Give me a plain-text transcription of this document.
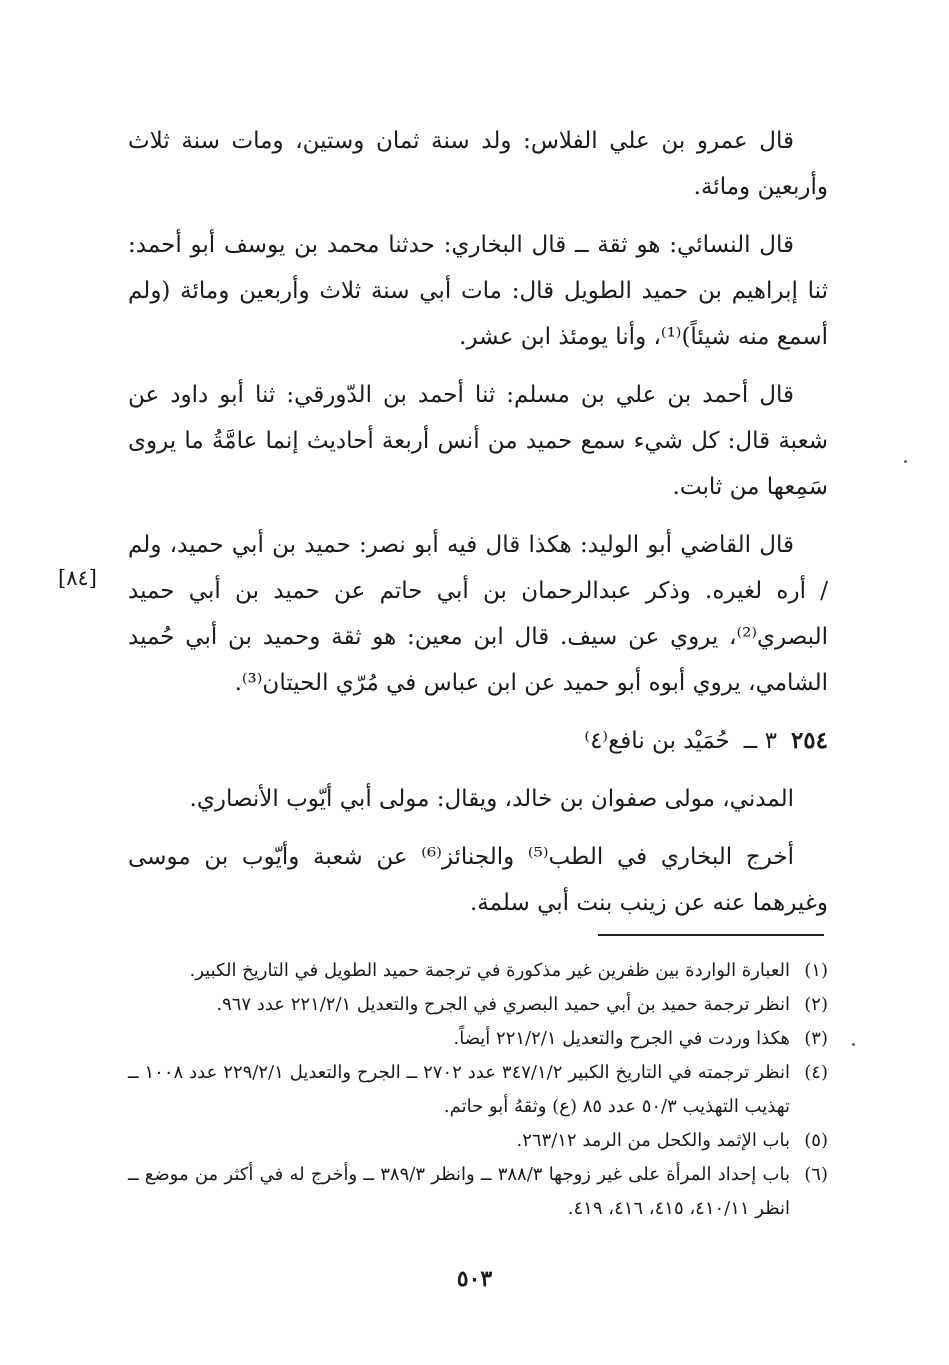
قال عمرو بن علي الفلاس: ولد سنة ثمان وستين، ومات سنة ثلاث وأربعين ومائة.

قال النسائي: هو ثقة ــ قال البخاري: حدثنا محمد بن يوسف أبو أحمد: ثنا إبراهيم بن حميد الطويل قال: مات أبي سنة ثلاث وأربعين ومائة (ولم أسمع منه شيئاً)⁽¹⁾، وأنا يومئذ ابن عشر.

قال أحمد بن علي بن مسلم: ثنا أحمد بن الدّورقي: ثنا أبو داود عن شعبة قال: كل شيء سمع حميد من أنس أربعة أحاديث إنما عامَّةُ ما يروى سَمِعها من ثابت.

قال القاضي أبو الوليد: هكذا قال فيه أبو نصر: حميد بن أبي حميد، ولم / أره لغيره. وذكر عبدالرحمان بن أبي حاتم عن حميد بن أبي حميد البصري⁽²⁾، يروي عن سيف. قال ابن معين: هو ثقة وحميد بن أبي حُميد الشامي، يروي أبوه أبو حميد عن ابن عباس في مُرّي الحيتان⁽³⁾.

٢٥٤
٣ ــ
حُمَيْد بن نافع⁽٤⁾

المدني، مولى صفوان بن خالد، ويقال: مولى أبي أيّوب الأنصاري.

أخرج البخاري في الطب⁽⁵⁾ والجنائز⁽⁶⁾ عن شعبة وأيّوب بن موسى وغيرهما عنه عن زينب بنت أبي سلمة.

[٨٤]
(١)
العبارة الواردة بين ظفرين غير مذكورة في ترجمة حميد الطويل في التاريخ الكبير.
(٢)
انظر ترجمة حميد بن أبي حميد البصري في الجرح والتعديل ٢٢١/٢/١ عدد ٩٦٧.
(٣)
هكذا وردت في الجرح والتعديل ٢٢١/٢/١ أيضاً.
(٤)
انظر ترجمته في التاريخ الكبير ٣٤٧/١/٢ عدد ٢٧٠٢ ــ الجرح والتعديل ٢٢٩/٢/١ عدد ١٠٠٨ ــ تهذيب التهذيب ٥٠/٣ عدد ٨٥ (ع) وثقهُ أبو حاتم.
(٥)
باب الإثمد والكحل من الرمد ٢٦٣/١٢.
(٦)
باب إحداد المرأة على غير زوجها ٣٨٨/٣ ــ وانظر ٣٨٩/٣ ــ وأخرج له في أكثر من موضع ــ انظر ٤١٠/١١، ٤١٥، ٤١٦، ٤١٩.
٥٠٣
